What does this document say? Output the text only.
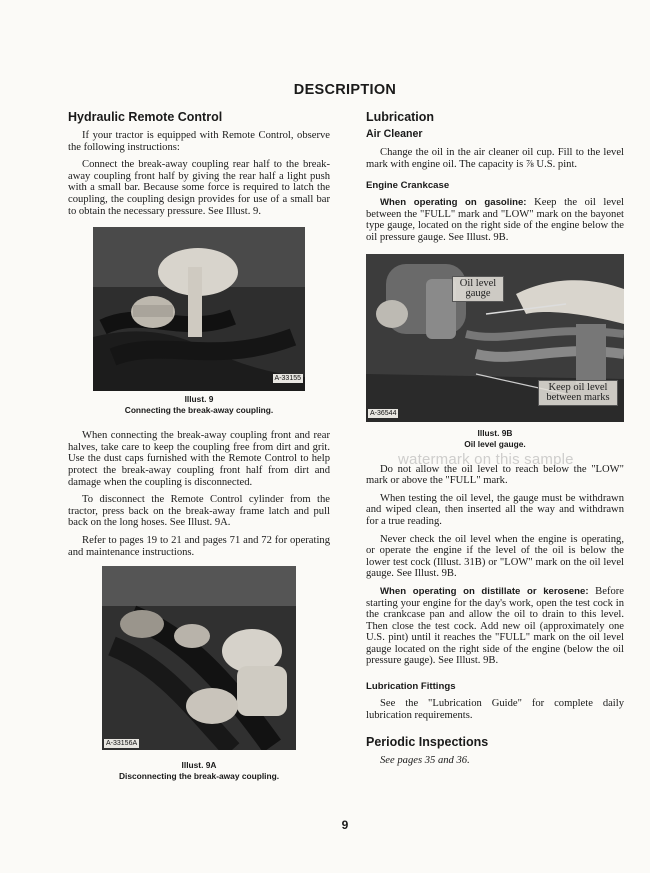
DESCRIPTION
Hydraulic Remote Control

If your tractor is equipped with Remote Control, observe the following instructions:

Connect the break-away coupling rear half to the break-away coupling front half by giving the rear half a light push with a small bar. Because some force is required to latch the coupling, the coupling design provides for use of a small bar to obtain the necessary pressure. See Illust. 9.

A-33155

Illust. 9

Connecting the break-away coupling.

When connecting the break-away coupling front and rear halves, take care to keep the coupling free from dirt and grit. Use the dust caps furnished with the Remote Control to help protect the break-away coupling front half from dirt and damage when the coupling is disconnected.

To disconnect the Remote Control cylinder from the tractor, press back on the break-away frame latch and pull back on the long hoses. See Illust. 9A.

Refer to pages 19 to 21 and pages 71 and 72 for operating and maintenance instructions.

A-33156A

Illust. 9A

Disconnecting the break-away coupling.

Lubrication
Air Cleaner

Change the oil in the air cleaner oil cup. Fill to the level mark with engine oil. The capacity is ⅞ U.S. pint.

Engine Crankcase

When operating on gasoline: Keep the oil level between the "FULL" mark and "LOW" mark on the bayonet type gauge, located on the right side of the engine below the oil pressure gauge. See Illust. 9B.

Oil level gauge
Keep oil level between marks
A-36544

Illust. 9B

Oil level gauge.

Do not allow the oil level to reach below the "LOW" mark or above the "FULL" mark.

When testing the oil level, the gauge must be withdrawn and wiped clean, then inserted all the way and withdrawn for a true reading.

Never check the oil level when the engine is operating, or operate the engine if the level of the oil is below the lower test cock (Illust. 31B) or "LOW" mark on the oil level gauge. See Illust. 9B.

When operating on distillate or kerosene: Before starting your engine for the day's work, open the test cock in the crankcase pan and allow the oil to drain to this level. Then close the test cock. Add new oil (approximately one U.S. pint) until it reaches the "FULL" mark on the oil level gauge located on the right side of the engine (below the oil pressure gauge). See Illust. 9B.

Lubrication Fittings

See the "Lubrication Guide" for complete daily lubrication requirements.

Periodic Inspections

See pages 35 and 36.

watermark on this sample
9
